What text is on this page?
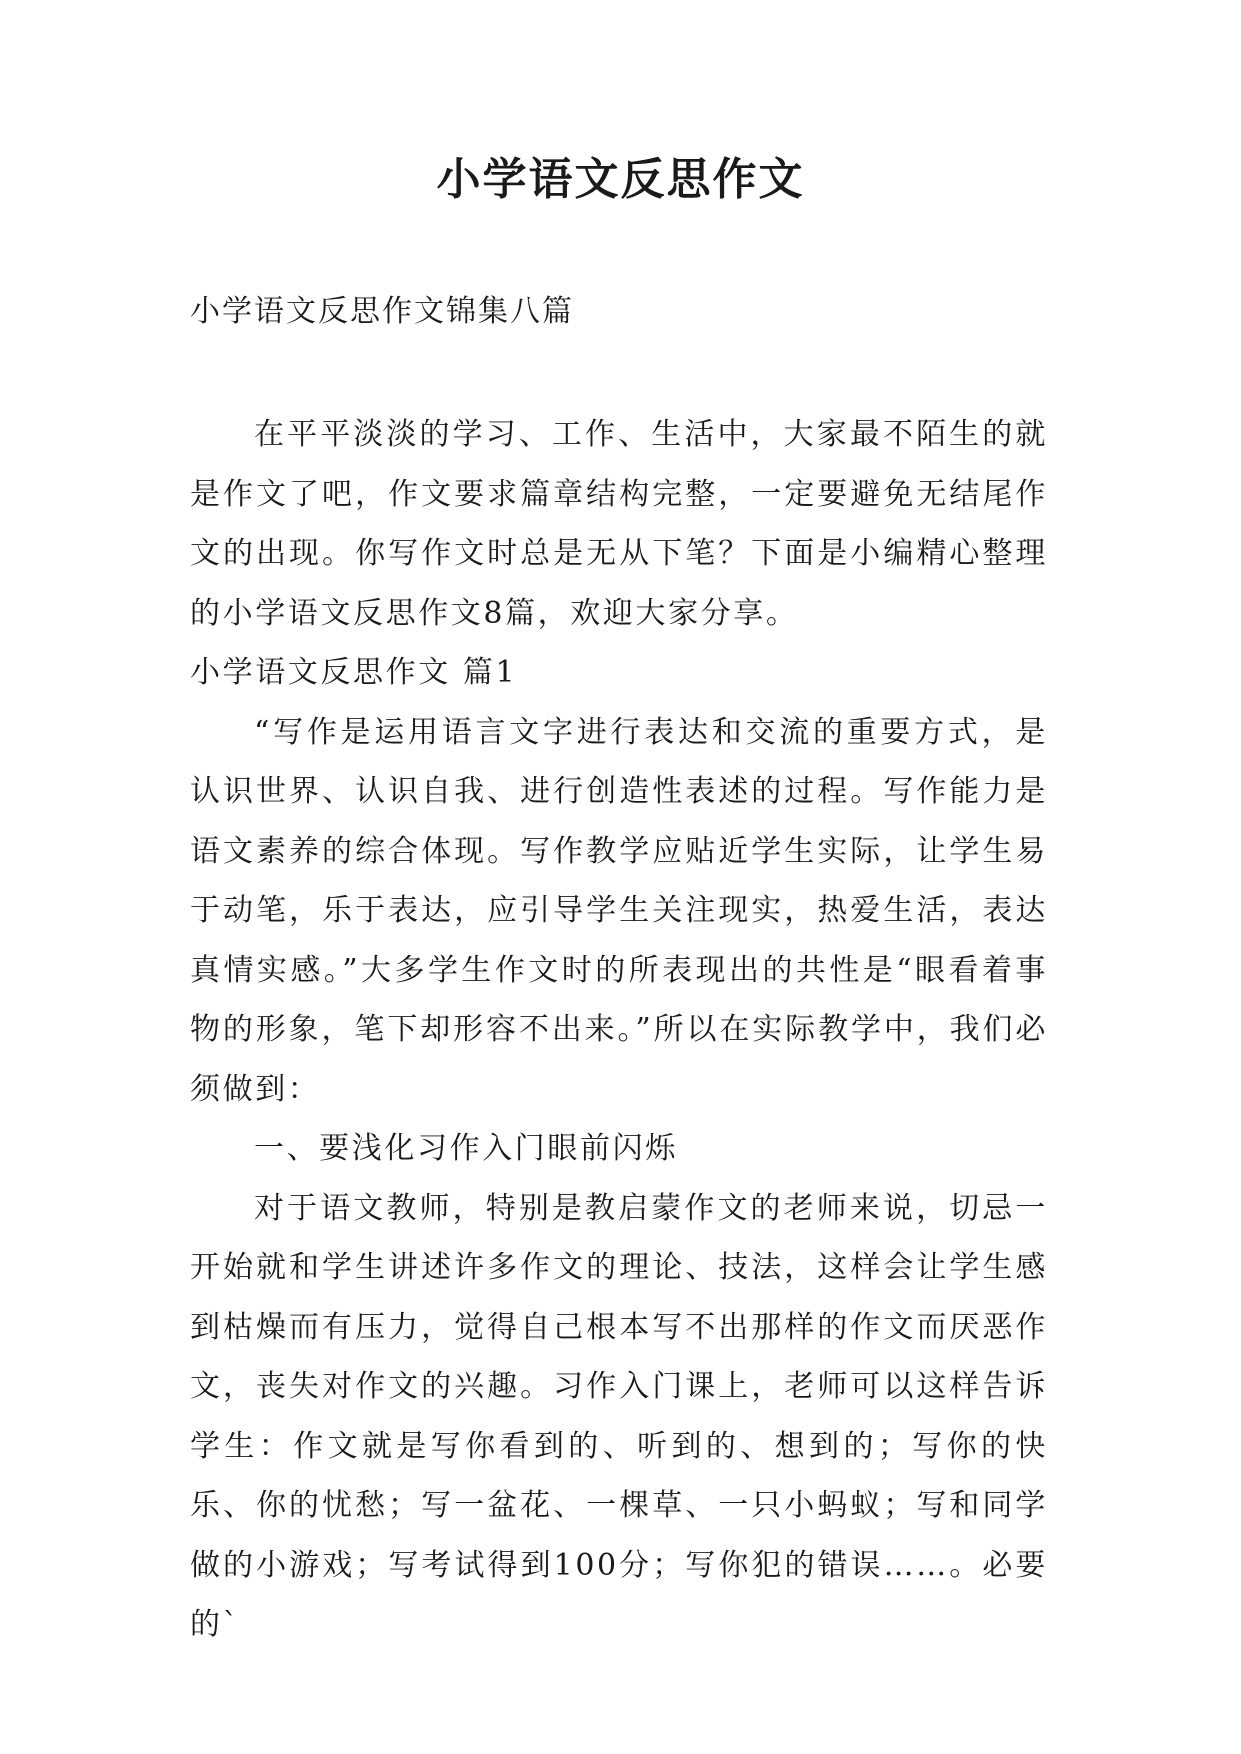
小学语文反思作文
小学语文反思作文锦集八篇

在平平淡淡的学习、工作、生活中，大家最不陌生的就是作文了吧，作文要求篇章结构完整，一定要避免无结尾作文的出现。你写作文时总是无从下笔？下面是小编精心整理的小学语文反思作文8篇，欢迎大家分享。

小学语文反思作文 篇1

“写作是运用语言文字进行表达和交流的重要方式，是认识世界、认识自我、进行创造性表述的过程。写作能力是语文素养的综合体现。写作教学应贴近学生实际，让学生易于动笔，乐于表达，应引导学生关注现实，热爱生活，表达真情实感。”大多学生作文时的所表现出的共性是“眼看着事物的形象，笔下却形容不出来。”所以在实际教学中，我们必须做到：

一、要浅化习作入门眼前闪烁

对于语文教师，特别是教启蒙作文的老师来说，切忌一开始就和学生讲述许多作文的理论、技法，这样会让学生感到枯燥而有压力，觉得自己根本写不出那样的作文而厌恶作文，丧失对作文的兴趣。习作入门课上，老师可以这样告诉学生：作文就是写你看到的、听到的、想到的；写你的快乐、你的忧愁；写一盆花、一棵草、一只小蚂蚁；写和同学做的小游戏；写考试得到100分；写你犯的错误……。必要的`
